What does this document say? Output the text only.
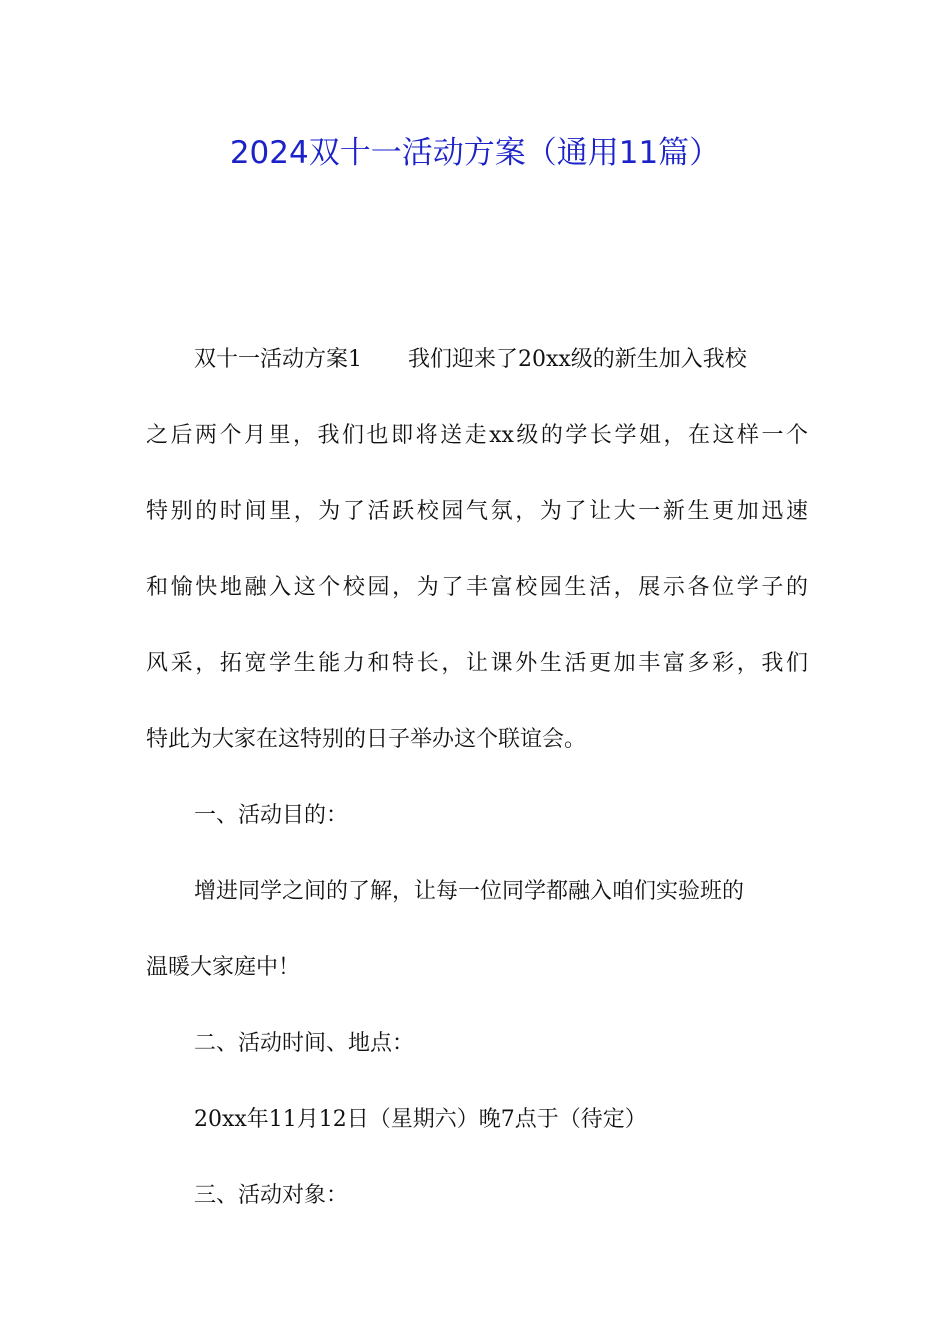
2024双十一活动方案（通用11篇）
双十一活动方案1 我们迎来了20xx级的新生加入我校
之后两个月里，我们也即将送走xx级的学长学姐，在这样一个
特别的时间里，为了活跃校园气氛，为了让大一新生更加迅速
和愉快地融入这个校园，为了丰富校园生活，展示各位学子的
风采，拓宽学生能力和特长，让课外生活更加丰富多彩，我们
特此为大家在这特别的日子举办这个联谊会。
一、活动目的：
增进同学之间的了解，让每一位同学都融入咱们实验班的
温暖大家庭中！
二、活动时间、地点：
20xx年11月12日（星期六）晚7点于（待定）
三、活动对象：
